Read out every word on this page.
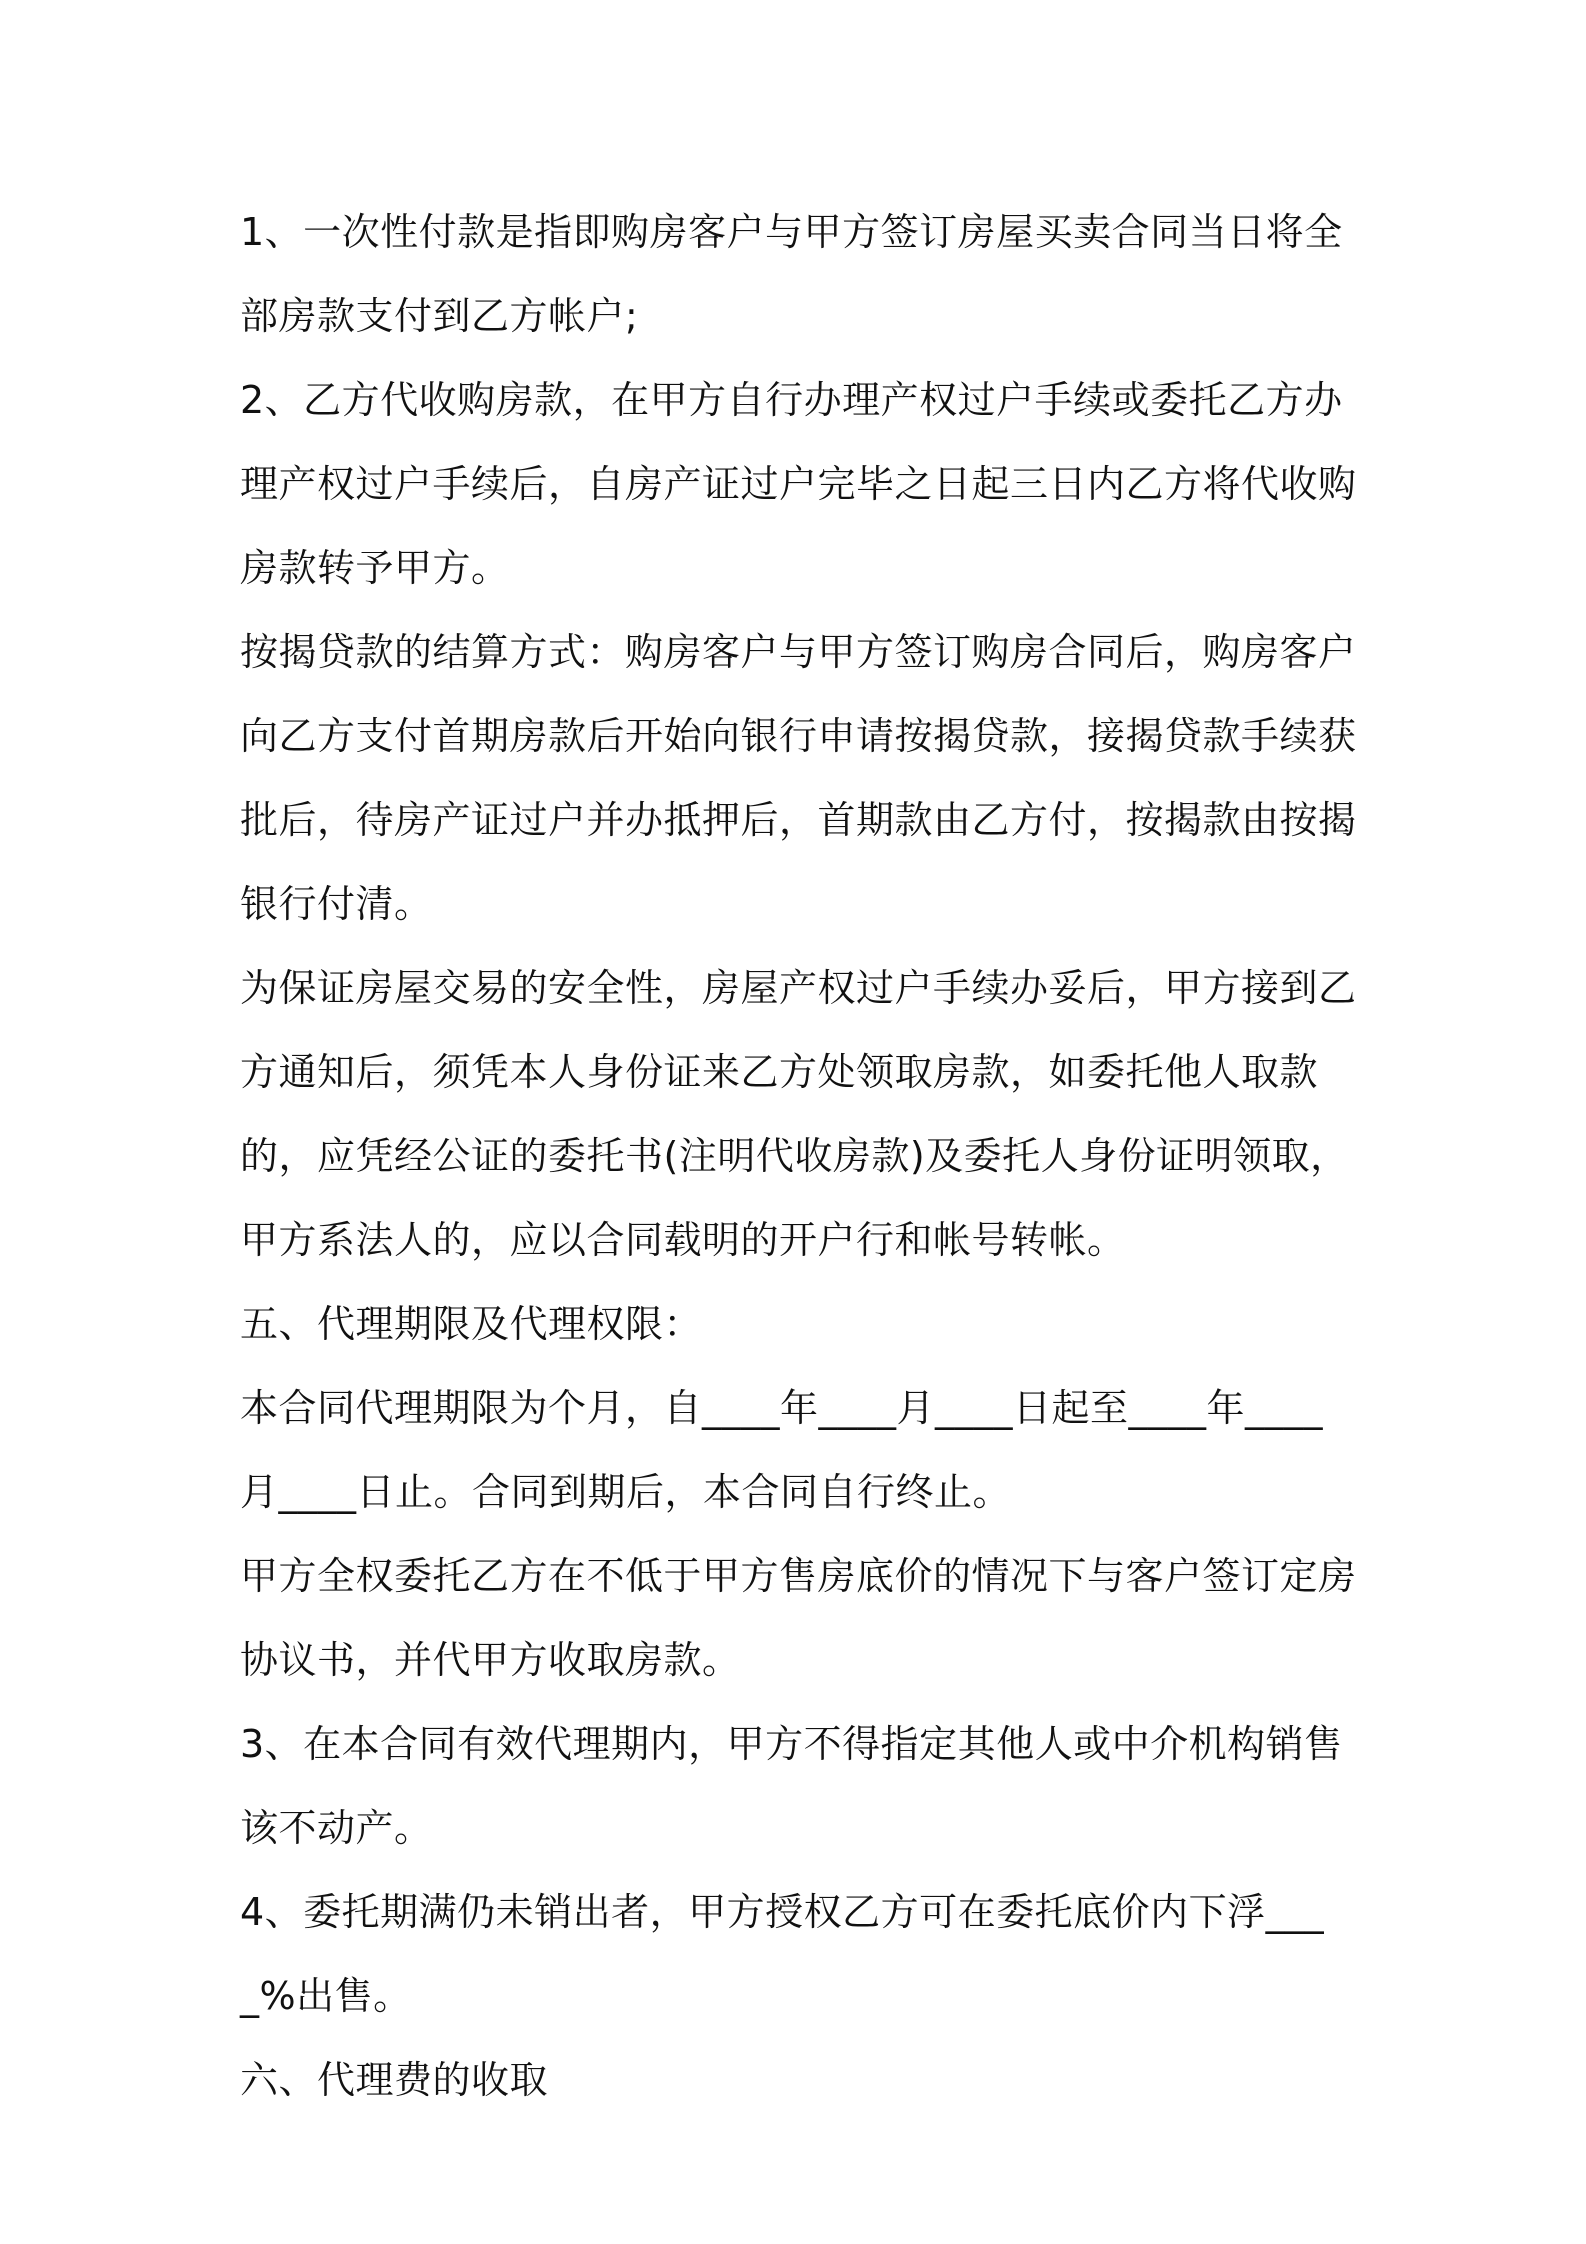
1、一次性付款是指即购房客户与甲方签订房屋买卖合同当日将全部房款支付到乙方帐户;

2、乙方代收购房款，在甲方自行办理产权过户手续或委托乙方办理产权过户手续后，自房产证过户完毕之日起三日内乙方将代收购房款转予甲方。

按揭贷款的结算方式：购房客户与甲方签订购房合同后，购房客户向乙方支付首期房款后开始向银行申请按揭贷款，接揭贷款手续获批后，待房产证过户并办抵押后，首期款由乙方付，按揭款由按揭银行付清。

为保证房屋交易的安全性，房屋产权过户手续办妥后，甲方接到乙方通知后，须凭本人身份证来乙方处领取房款，如委托他人取款的，应凭经公证的委托书(注明代收房款)及委托人身份证明领取，甲方系法人的，应以合同载明的开户行和帐号转帐。

五、代理期限及代理权限：

本合同代理期限为个月，自____年____月____日起至____年____月____日止。合同到期后，本合同自行终止。

甲方全权委托乙方在不低于甲方售房底价的情况下与客户签订定房协议书，并代甲方收取房款。

3、在本合同有效代理期内，甲方不得指定其他人或中介机构销售该不动产。

4、委托期满仍未销出者，甲方授权乙方可在委托底价内下浮____%出售。

六、代理费的收取
